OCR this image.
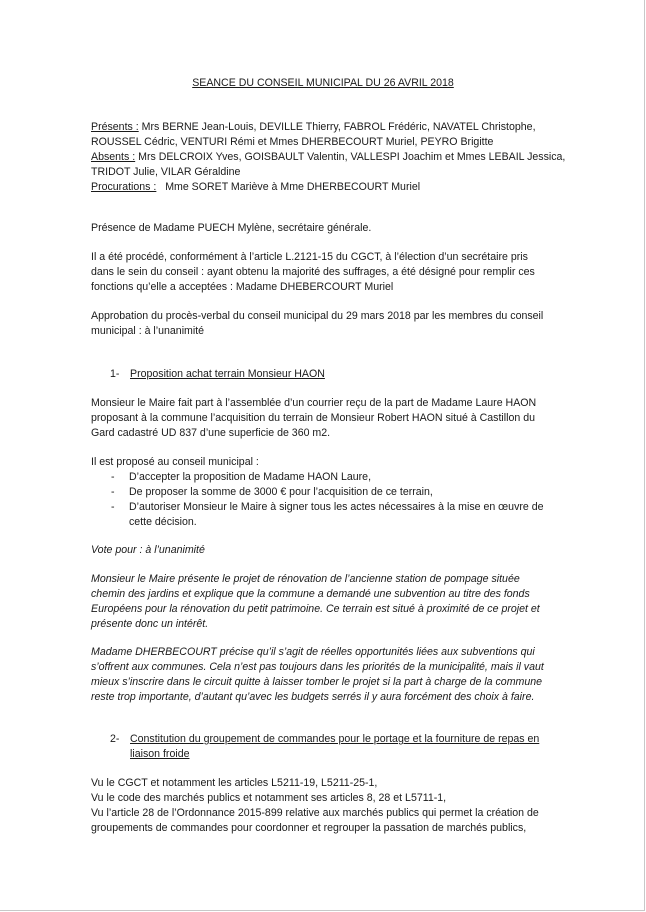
SEANCE DU CONSEIL MUNICIPAL DU 26 AVRIL 2018
Présents : Mrs BERNE Jean-Louis, DEVILLE Thierry, FABROL Frédéric, NAVATEL Christophe,
ROUSSEL Cédric, VENTURI Rémi et Mmes DHERBECOURT Muriel, PEYRO Brigitte
Absents : Mrs DELCROIX Yves, GOISBAULT Valentin, VALLESPI Joachim et Mmes LEBAIL Jessica,
TRIDOT Julie, VILAR Géraldine
Procurations :   Mme SORET Mariève à Mme DHERBECOURT Muriel
Présence de Madame PUECH Mylène, secrétaire générale.
Il a été procédé, conformément à l’article L.2121-15 du CGCT, à l’élection d’un secrétaire pris
dans le sein du conseil : ayant obtenu la majorité des suffrages, a été désigné pour remplir ces
fonctions qu’elle a acceptées : Madame DHEBERCOURT Muriel
Approbation du procès-verbal du conseil municipal du 29 mars 2018 par les membres du conseil
municipal : à l’unanimité
1- Proposition achat terrain Monsieur HAON
Monsieur le Maire fait part à l’assemblée d’un courrier reçu de la part de Madame Laure HAON
proposant à la commune l’acquisition du terrain de Monsieur Robert HAON situé à Castillon du
Gard cadastré UD 837 d’une superficie de 360 m2.
Il est proposé au conseil municipal :
- D’accepter la proposition de Madame HAON Laure,
- De proposer la somme de 3000 € pour l’acquisition de ce terrain,
- D’autoriser Monsieur le Maire à signer tous les actes nécessaires à la mise en œuvre de
cette décision.
Vote pour : à l’unanimité
Monsieur le Maire présente le projet de rénovation de l’ancienne station de pompage située
chemin des jardins et explique que la commune a demandé une subvention au titre des fonds
Européens pour la rénovation du petit patrimoine. Ce terrain est situé à proximité de ce projet et
présente donc un intérêt.
Madame DHERBECOURT précise qu’il s’agit de réelles opportunités liées aux subventions qui
s’offrent aux communes. Cela n’est pas toujours dans les priorités de la municipalité, mais il vaut
mieux s’inscrire dans le circuit quitte à laisser tomber le projet si la part à charge de la commune
reste trop importante, d’autant qu’avec les budgets serrés il y aura forcément des choix à faire.
2- Constitution du groupement de commandes pour le portage et la fourniture de repas en
liaison froide
Vu le CGCT et notamment les articles L5211-19, L5211-25-1,
Vu le code des marchés publics et notamment ses articles 8, 28 et L5711-1,
Vu l’article 28 de l’Ordonnance 2015-899 relative aux marchés publics qui permet la création de
groupements de commandes pour coordonner et regrouper la passation de marchés publics,
